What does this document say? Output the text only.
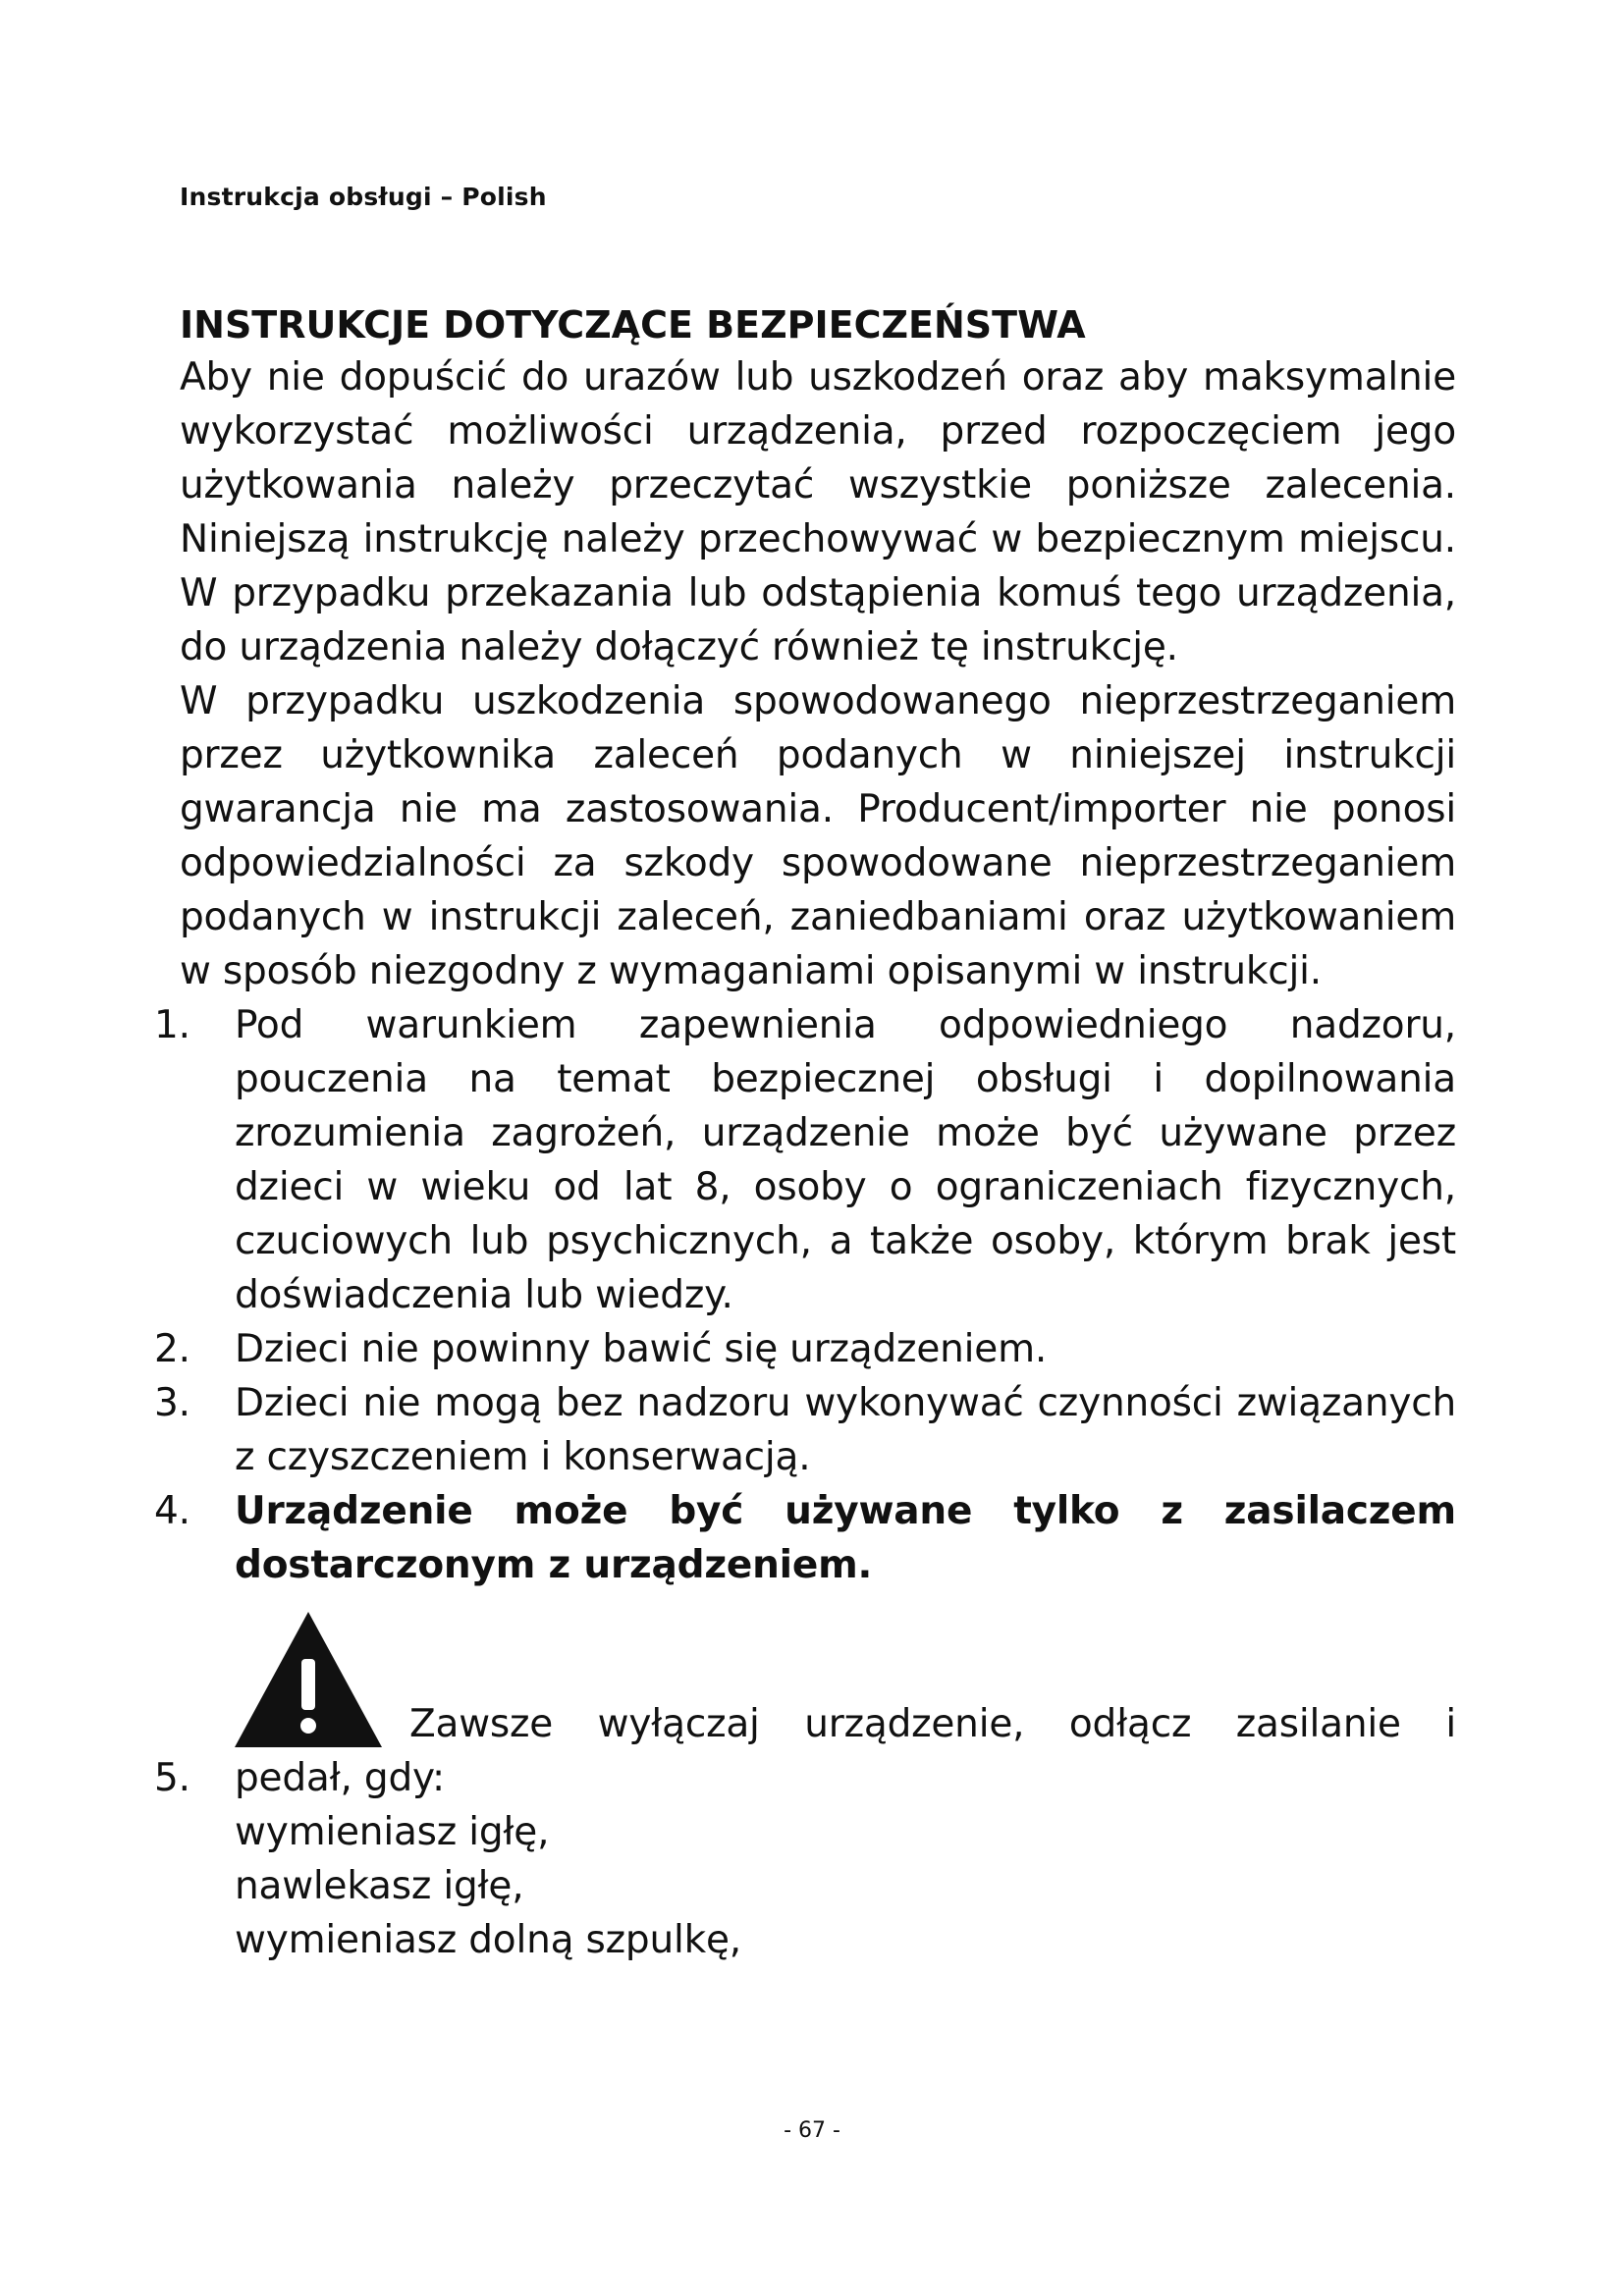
Instrukcja obsługi – Polish
INSTRUKCJE DOTYCZĄCE BEZPIECZEŃSTWA

Aby nie dopuścić do urazów lub uszkodzeń oraz aby maksymalnie wykorzystać możliwości urządzenia, przed rozpoczęciem jego użytkowania należy przeczytać wszystkie poniższe zalecenia. Niniejszą instrukcję należy przechowywać w bezpiecznym miejscu. W przypadku przekazania lub odstąpienia komuś tego urządzenia, do urządzenia należy dołączyć również tę instrukcję.

W przypadku uszkodzenia spowodowanego nieprzestrzeganiem przez użytkownika zaleceń podanych w niniejszej instrukcji gwarancja nie ma zastosowania. Producent/importer nie ponosi odpowiedzialności za szkody spowodowane nieprzestrzeganiem podanych w instrukcji zaleceń, zaniedbaniami oraz użytkowaniem w sposób niezgodny z wymaganiami opisanymi w instrukcji.

1.	Pod warunkiem zapewnienia odpowiedniego nadzoru, pouczenia na temat bezpiecznej obsługi i dopilnowania zrozumienia zagrożeń, urządzenie może być używane przez dzieci w wieku od lat 8, osoby o ograniczeniach fizycznych, czuciowych lub psychicznych, a także osoby, którym brak jest doświadczenia lub wiedzy.
2.	Dzieci nie powinny bawić się urządzeniem.
3.	Dzieci nie mogą bez nadzoru wykonywać czynności związanych z czyszczeniem i konserwacją.
4.	Urządzenie może być używane tylko z zasilaczem dostarczonym z urządzeniem.
5.
Zawsze wyłączaj urządzenie, odłącz zasilanie i
pedał, gdy:
wymieniasz igłę,
nawlekasz igłę,
wymieniasz dolną szpulkę,
- 67 -
